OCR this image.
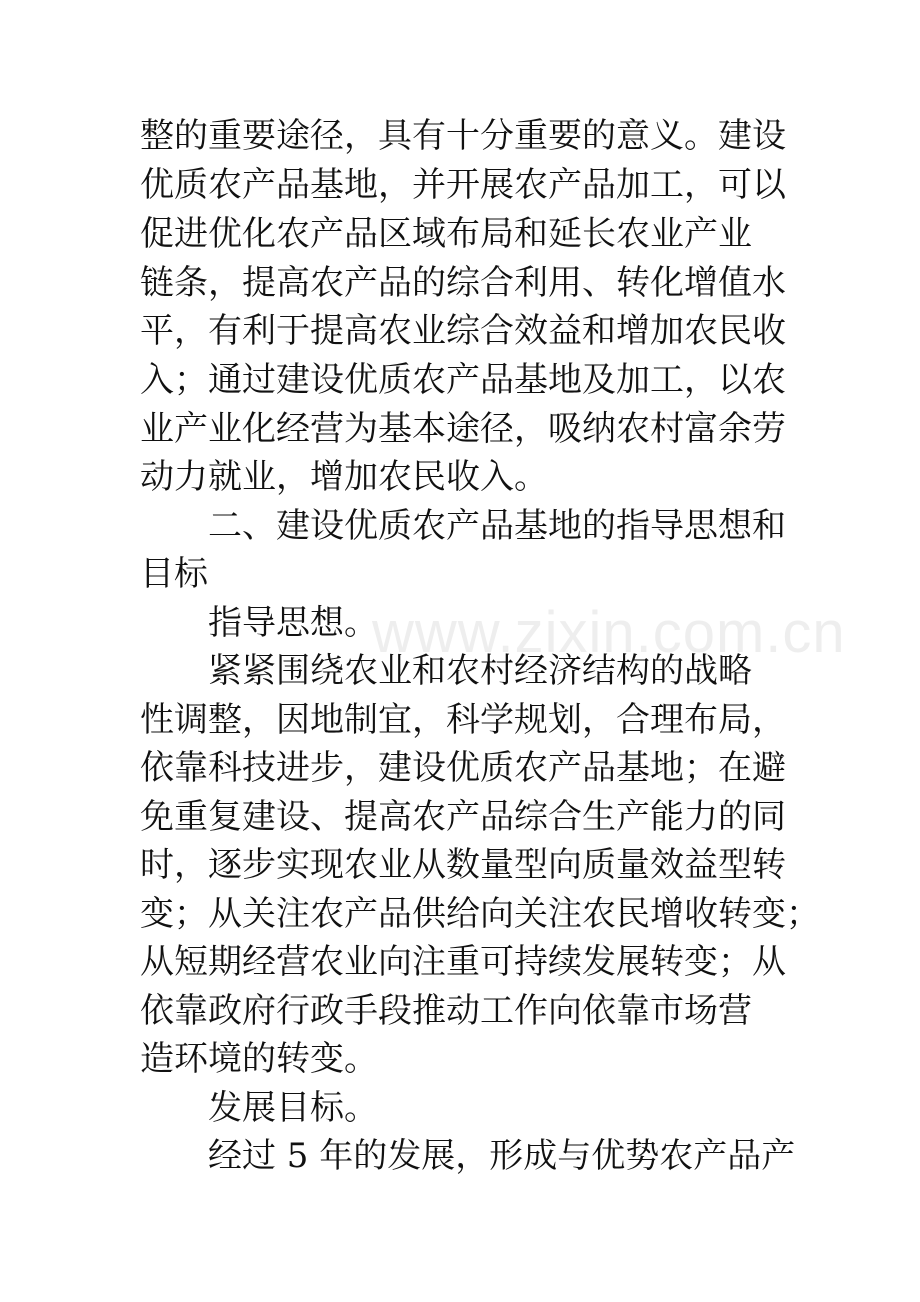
www.zixin.com.cn
整的重要途径，具有十分重要的意义。建设
优质农产品基地，并开展农产品加工，可以
促进优化农产品区域布局和延长农业产业
链条，提高农产品的综合利用、转化增值水
平，有利于提高农业综合效益和增加农民收
入；通过建设优质农产品基地及加工，以农
业产业化经营为基本途径，吸纳农村富余劳
动力就业，增加农民收入。
二、建设优质农产品基地的指导思想和
目标
指导思想。
紧紧围绕农业和农村经济结构的战略
性调整，因地制宜，科学规划，合理布局，
依靠科技进步，建设优质农产品基地；在避
免重复建设、提高农产品综合生产能力的同
时，逐步实现农业从数量型向质量效益型转
变；从关注农产品供给向关注农民增收转变；
从短期经营农业向注重可持续发展转变；从
依靠政府行政手段推动工作向依靠市场营
造环境的转变。
发展目标。
经过 5 年的发展，形成与优势农产品产
